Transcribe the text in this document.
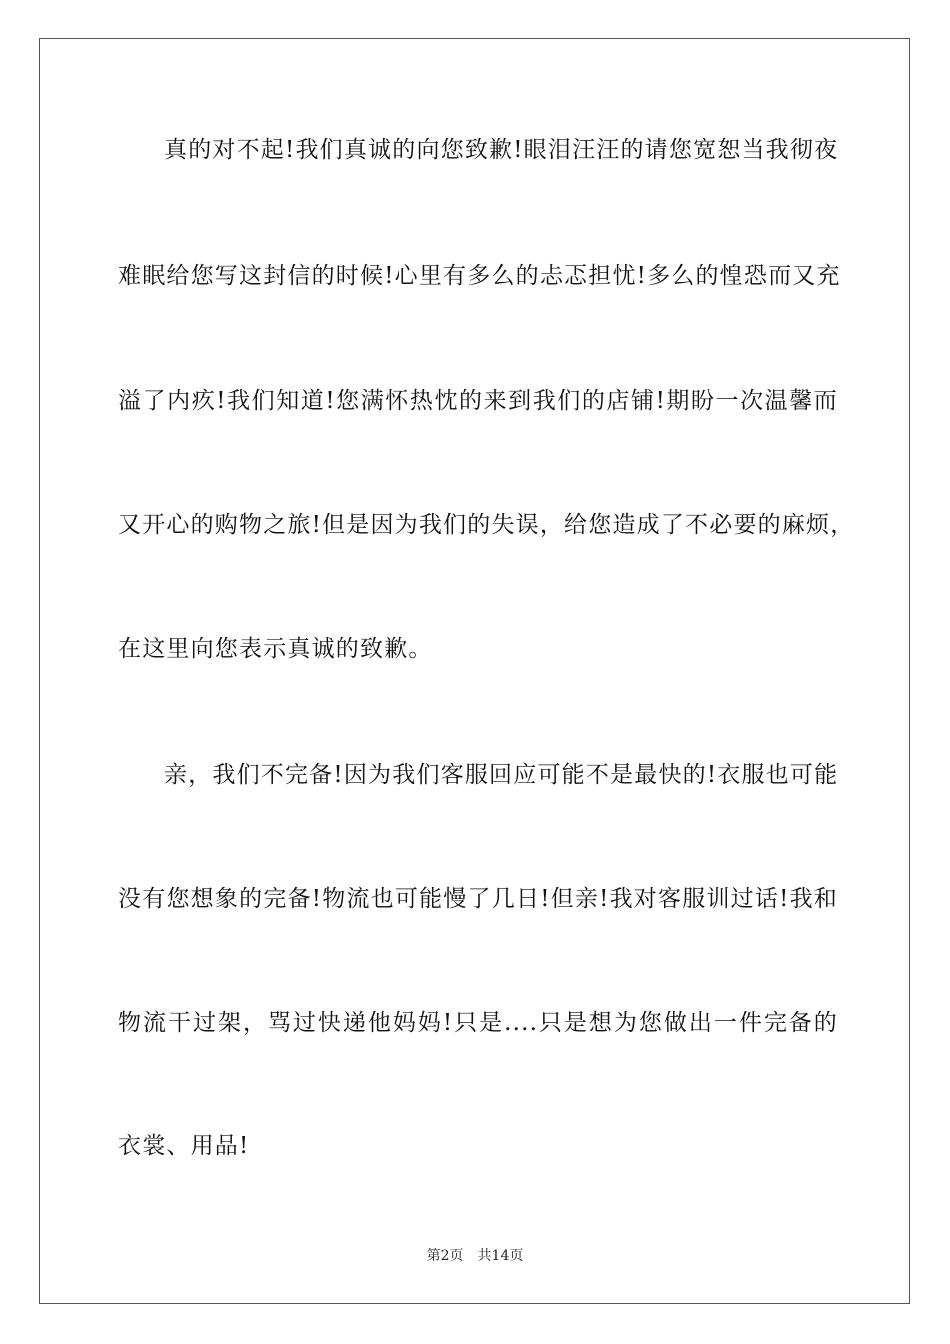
真的对不起!我们真诚的向您致歉!眼泪汪汪的请您宽恕当我彻夜
难眠给您写这封信的时候!心里有多么的忐忑担忧!多么的惶恐而又充
溢了内疚!我们知道!您满怀热忱的来到我们的店铺!期盼一次温馨而
又开心的购物之旅!但是因为我们的失误，给您造成了不必要的麻烦，
在这里向您表示真诚的致歉。
亲，我们不完备!因为我们客服回应可能不是最快的!衣服也可能
没有您想象的完备!物流也可能慢了几日!但亲!我对客服训过话!我和
物流干过架，骂过快递他妈妈!只是....只是想为您做出一件完备的
衣裳、用品!
第2页 共14页
